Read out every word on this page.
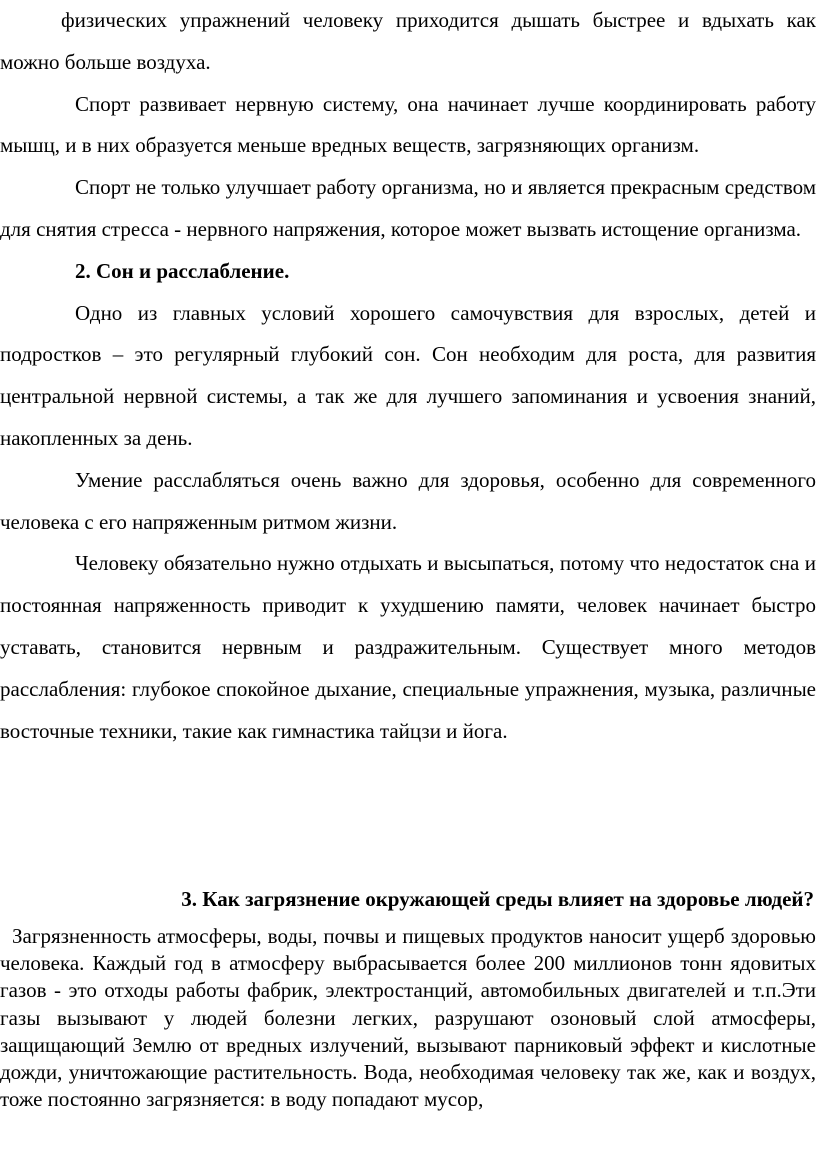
физических упражнений человеку приходится дышать быстрее и вдыхать как можно больше воздуха.

Спорт развивает нервную систему, она начинает лучше координировать работу мышц, и в них образуется меньше вредных веществ, загрязняющих организм.

Спорт не только улучшает работу организма, но и является прекрасным средством для снятия стресса - нервного напряжения, которое может вызвать истощение организма.

2. Сон и расслабление.

Одно из главных условий хорошего самочувствия для взрослых, детей и подростков – это регулярный глубокий сон. Сон необходим для роста, для развития центральной нервной системы, а так же для лучшего запоминания и усвоения знаний, накопленных за день.

Умение расслабляться очень важно для здоровья, особенно для современного человека с его напряженным ритмом жизни.

Человеку обязательно нужно отдыхать и высыпаться, потому что недостаток сна и постоянная напряженность приводит к ухудшению памяти, человек начинает быстро уставать, становится нервным и раздражительным. Существует много методов расслабления: глубокое спокойное дыхание, специальные упражнения, музыка, различные восточные техники, такие как гимнастика тайцзи и йога.

3. Как загрязнение окружающей среды влияет на здоровье людей?

Загрязненность атмосферы, воды, почвы и пищевых продуктов наносит ущерб здоровью человека. Каждый год в атмосферу выбрасывается более 200 миллионов тонн ядовитых газов - это отходы работы фабрик, электростанций, автомобильных двигателей и т.п.Эти газы вызывают у людей болезни легких, разрушают озоновый слой атмосферы, защищающий Землю от вредных излучений, вызывают парниковый эффект и кислотные дожди, уничтожающие растительность. Вода, необходимая человеку так же, как и воздух, тоже постоянно загрязняется: в воду попадают мусор,
